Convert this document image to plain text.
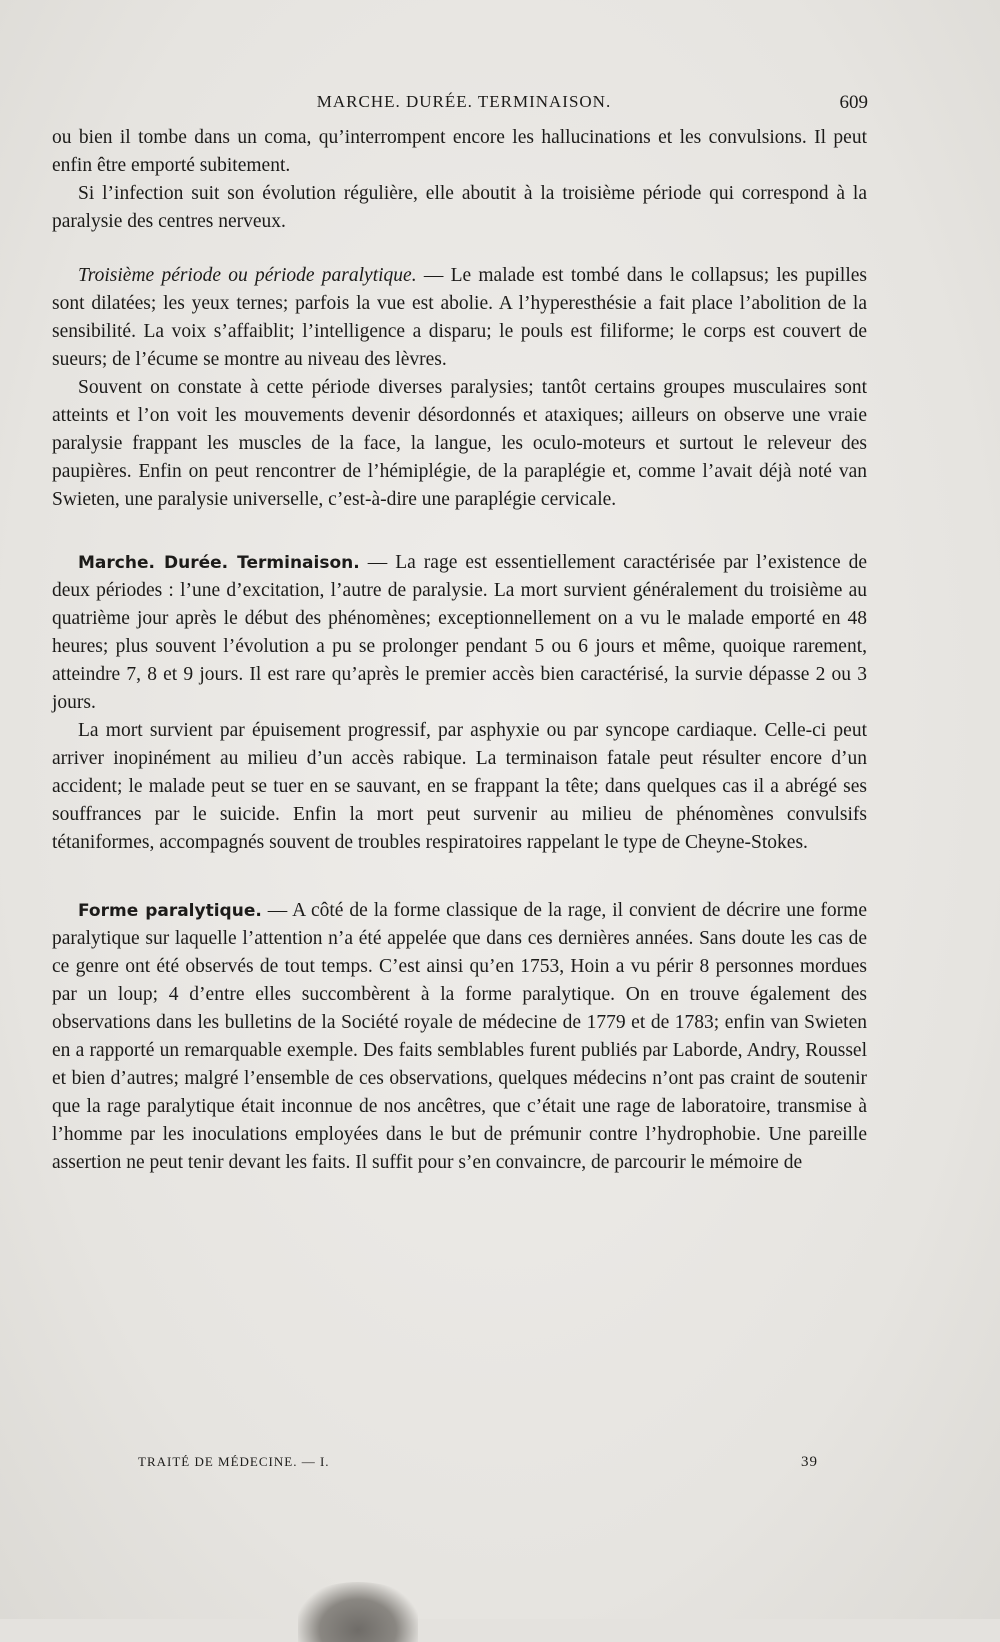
MARCHE. DURÉE. TERMINAISON.	609

ou bien il tombe dans un coma, qu’interrompent encore les hallucinations et les convulsions. Il peut enfin être emporté subitement.

Si l’infection suit son évolution régulière, elle aboutit à la troisième période qui correspond à la paralysie des centres nerveux.

Troisième période ou période paralytique. — Le malade est tombé dans le collapsus; les pupilles sont dilatées; les yeux ternes; parfois la vue est abolie. A l’hyperesthésie a fait place l’abolition de la sensibilité. La voix s’affaiblit; l’intelligence a disparu; le pouls est filiforme; le corps est couvert de sueurs; de l’écume se montre au niveau des lèvres.

Souvent on constate à cette période diverses paralysies; tantôt certains groupes musculaires sont atteints et l’on voit les mouvements devenir désordonnés et ataxiques; ailleurs on observe une vraie paralysie frappant les muscles de la face, la langue, les oculo-moteurs et surtout le releveur des paupières. Enfin on peut rencontrer de l’hémiplégie, de la paraplégie et, comme l’avait déjà noté van Swieten, une paralysie universelle, c’est-à-dire une paraplégie cervicale.

Marche. Durée. Terminaison. — La rage est essentiellement caractérisée par l’existence de deux périodes : l’une d’excitation, l’autre de paralysie. La mort survient généralement du troisième au quatrième jour après le début des phénomènes; exceptionnellement on a vu le malade emporté en 48 heures; plus souvent l’évolution a pu se prolonger pendant 5 ou 6 jours et même, quoique rarement, atteindre 7, 8 et 9 jours. Il est rare qu’après le premier accès bien caractérisé, la survie dépasse 2 ou 3 jours.

La mort survient par épuisement progressif, par asphyxie ou par syncope cardiaque. Celle-ci peut arriver inopinément au milieu d’un accès rabique. La terminaison fatale peut résulter encore d’un accident; le malade peut se tuer en se sauvant, en se frappant la tête; dans quelques cas il a abrégé ses souffrances par le suicide. Enfin la mort peut survenir au milieu de phénomènes convulsifs tétaniformes, accompagnés souvent de troubles respiratoires rappelant le type de Cheyne-Stokes.

Forme paralytique. — A côté de la forme classique de la rage, il convient de décrire une forme paralytique sur laquelle l’attention n’a été appelée que dans ces dernières années. Sans doute les cas de ce genre ont été observés de tout temps. C’est ainsi qu’en 1753, Hoin a vu périr 8 personnes mordues par un loup; 4 d’entre elles succombèrent à la forme paralytique. On en trouve également des observations dans les bulletins de la Société royale de médecine de 1779 et de 1783; enfin van Swieten en a rapporté un remarquable exemple. Des faits semblables furent publiés par Laborde, Andry, Roussel et bien d’autres; malgré l’ensemble de ces observations, quelques médecins n’ont pas craint de soutenir que la rage paralytique était inconnue de nos ancêtres, que c’était une rage de laboratoire, transmise à l’homme par les inoculations employées dans le but de prémunir contre l’hydrophobie. Une pareille assertion ne peut tenir devant les faits. Il suffit pour s’en convaincre, de parcourir le mémoire de

TRAITÉ DE MÉDECINE. — I.	39
